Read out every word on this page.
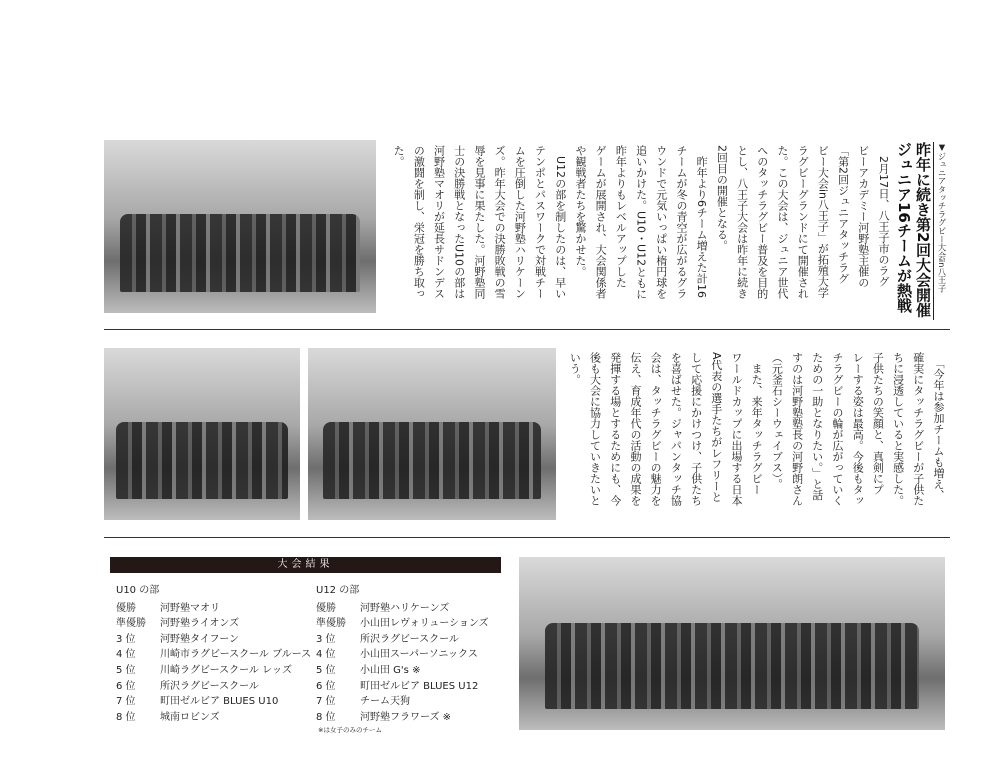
▼ジュニアタッチラグビー大会in八王子
昨年に続き第2回大会開催
ジュニア16チームが熱戦
　2月17日、八王子市のラグ
ビーアカデミー河野塾主催の
「第2回ジュニアタッチラグ
ビー大会in八王子」が拓殖大学
ラグビーグランドにて開催され
た。この大会は、ジュニア世代
へのタッチラグビー普及を目的
とし、八王子大会は昨年に続き
2回目の開催となる。
　昨年より6チーム増えた計16
チームが冬の青空が広がるグラ
ウンドで元気いっぱい楕円球を
追いかけた。U10・U12ともに
昨年よりもレベルアップした
ゲームが展開され、大会関係者
や観戦者たちを驚かせた。
　U12の部を制したのは、早い
テンポとパスワークで対戦チー
ムを圧倒した河野塾ハリケーン
ズ。昨年大会での決勝敗戦の雪
辱を見事に果たした。河野塾同
士の決勝戦となったU10の部は
河野塾マオリが延長サドンデス
の激闘を制し、栄冠を勝ち取っ
た。
　「今年は参加チームも増え、
確実にタッチラグビーが子供た
ちに浸透していると実感した。
子供たちの笑顔と、真剣にプ
レーする姿は最高。今後もタッ
チラグビーの輪が広がっていく
ための一助となりたい。」と話
すのは河野塾塾長の河野朗さん
（元釜石シーウェイブス）。
　また、来年タッチラグビー
ワールドカップに出場する日本
A代表の選手たちがレフリーと
して応援にかけつけ、子供たち
を喜ばせた。ジャパンタッチ協
会は、タッチラグビーの魅力を
伝え、育成年代の活動の成果を
発揮する場とするためにも、今
後も大会に協力していきたいと
いう。
大会結果
U10 の部
優勝	河野塾マオリ
準優勝	河野塾ライオンズ
3 位	河野塾タイフーン
4 位	川崎市ラグビースクール ブルース
5 位	川崎ラグビースクール レッズ
6 位	所沢ラグビースクール
7 位	町田ゼルビア BLUES U10
8 位	城南ロビンズ
U12 の部
優勝	河野塾ハリケーンズ
準優勝	小山田レヴォリューションズ
3 位	所沢ラグビースクール
4 位	小山田スーパーソニックス
5 位	小山田 G's ※
6 位	町田ゼルビア BLUES U12
7 位	チーム天狗
8 位	河野塾フラワーズ ※
※は女子のみのチーム
